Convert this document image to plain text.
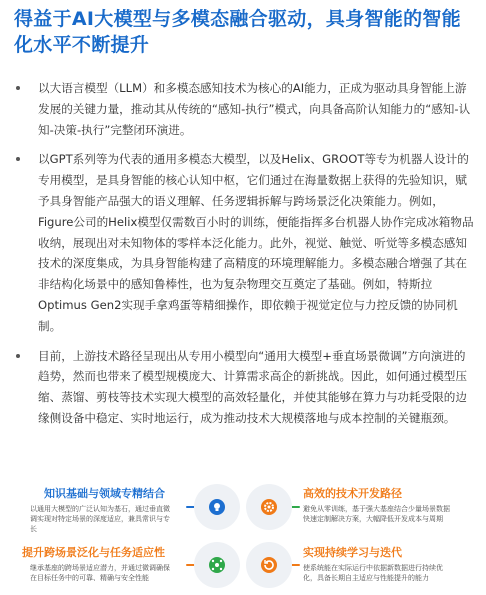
得益于AI大模型与多模态融合驱动，具身智能的智能化水平不断提升
以大语言模型（LLM）和多模态感知技术为核心的AI能力，正成为驱动具身智能上游发展的关键力量，推动其从传统的“感知-执行”模式，向具备高阶认知能力的“感知-认知-决策-执行”完整闭环演进。
以GPT系列等为代表的通用多模态大模型，以及Helix、GROOT等专为机器人设计的专用模型，是具身智能的核心认知中枢，它们通过在海量数据上获得的先验知识，赋予具身智能产品强大的语义理解、任务逻辑拆解与跨场景泛化决策能力。例如，Figure公司的Helix模型仅需数百小时的训练，便能指挥多台机器人协作完成冰箱物品收纳，展现出对未知物体的零样本泛化能力。此外，视觉、触觉、听觉等多模态感知技术的深度集成，为具身智能构建了高精度的环境理解能力。多模态融合增强了其在非结构化场景中的感知鲁棒性，也为复杂物理交互奠定了基础。例如，特斯拉Optimus Gen2实现手拿鸡蛋等精细操作，即依赖于视觉定位与力控反馈的协同机制。
目前，上游技术路径呈现出从专用小模型向“通用大模型+垂直场景微调”方向演进的趋势，然而也带来了模型规模庞大、计算需求高企的新挑战。因此，如何通过模型压缩、蒸馏、剪枝等技术实现大模型的高效轻量化，并使其能够在算力与功耗受限的边缘侧设备中稳定、实时地运行，成为推动技术大规模落地与成本控制的关键瓶颈。
知识基础与领域专精结合
以通用大模型的广泛认知为基石，通过垂直微调实现对特定场景的深度适应，兼具常识与专长
提升跨场景泛化与任务适应性
继承基座的跨场景适应潜力，并通过微调确保在目标任务中的可靠、精确与安全性能
高效的技术开发路径
避免从零训练，基于强大基座结合少量场景数据快速定制解决方案，大幅降低开发成本与周期
实现持续学习与迭代
使系统能在实际运行中依据新数据进行持续优化，具备长期自主适应与性能提升的能力
